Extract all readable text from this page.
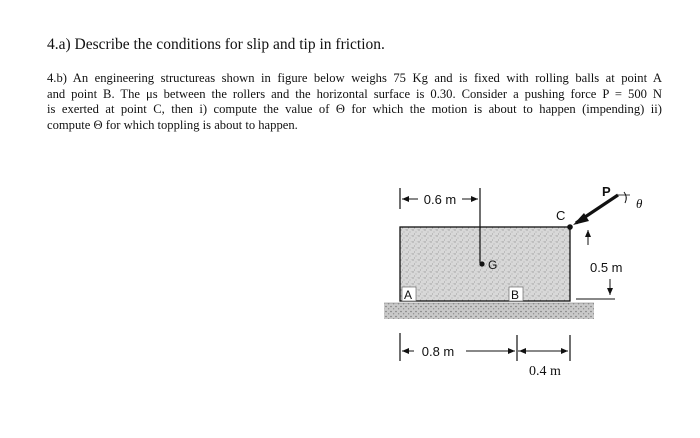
4.a) Describe the conditions for slip and tip in friction.
4.b) An engineering structureas shown in figure below weighs 75 Kg and is fixed with rolling balls at point A
and point B. The μs between the rollers and the horizontal surface is 0.30. Consider a pushing force P = 500 N
is exerted at point C, then i) compute the value of Θ for which the motion is about to happen (impending) ii)
compute Θ for which toppling is about to happen.
0.6 m
G
C
P
θ
0.5 m
A	B
0.8 m
0.4 m
